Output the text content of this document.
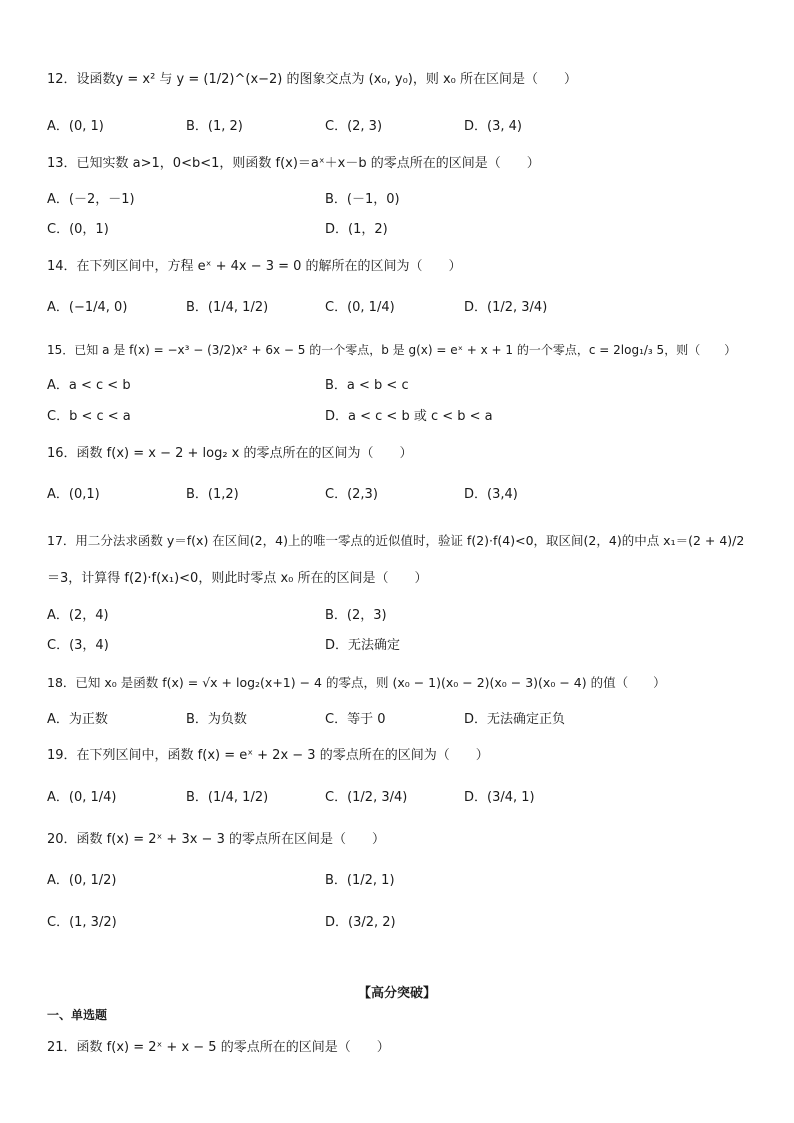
12．设函数y = x² 与 y = (1/2)^(x−2) 的图象交点为 (x₀, y₀)，则 x₀ 所在区间是（　　）
A．(0, 1)	B．(1, 2)	C．(2, 3)	D．(3, 4)
13．已知实数 a>1，0<b<1，则函数 f(x)＝aˣ＋x－b 的零点所在的区间是（　　）
A．(－2，－1)	B．(－1，0)
C．(0，1)	D．(1，2)
14．在下列区间中，方程 eˣ + 4x − 3 = 0 的解所在的区间为（　　）
A．(−1/4, 0)	B．(1/4, 1/2)	C．(0, 1/4)	D．(1/2, 3/4)
15．已知 a 是 f(x) = −x³ − (3/2)x² + 6x − 5 的一个零点，b 是 g(x) = eˣ + x + 1 的一个零点，c = 2log₁/₃ 5，则（　　）
A．a < c < b	B．a < b < c
C．b < c < a	D．a < c < b 或 c < b < a
16．函数 f(x) = x − 2 + log₂ x 的零点所在的区间为（　　）
A．(0,1)	B．(1,2)	C．(2,3)	D．(3,4)
17．用二分法求函数 y＝f(x) 在区间(2，4)上的唯一零点的近似值时，验证 f(2)·f(4)<0，取区间(2，4)的中点 x₁＝(2 + 4)/2
＝3，计算得 f(2)·f(x₁)<0，则此时零点 x₀ 所在的区间是（　　）
A．(2，4)	B．(2，3)
C．(3，4)	D．无法确定
18．已知 x₀ 是函数 f(x) = √x + log₂(x+1) − 4 的零点，则 (x₀ − 1)(x₀ − 2)(x₀ − 3)(x₀ − 4) 的值（　　）
A．为正数	B．为负数	C．等于 0	D．无法确定正负
19．在下列区间中，函数 f(x) = eˣ + 2x − 3 的零点所在的区间为（　　）
A．(0, 1/4)	B．(1/4, 1/2)	C．(1/2, 3/4)	D．(3/4, 1)
20．函数 f(x) = 2ˣ + 3x − 3 的零点所在区间是（　　）
A．(0, 1/2)	B．(1/2, 1)
C．(1, 3/2)	D．(3/2, 2)
【高分突破】
一、单选题
21．函数 f(x) = 2ˣ + x − 5 的零点所在的区间是（　　）
